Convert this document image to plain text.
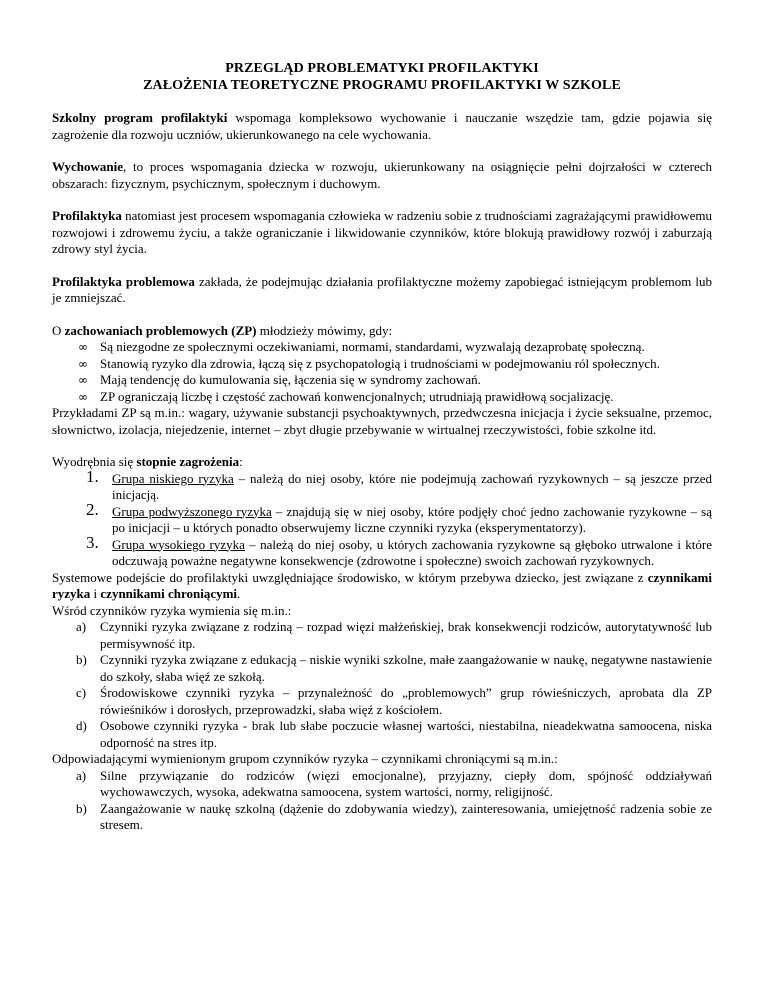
PRZEGLĄD PROBLEMATYKI PROFILAKTYKI
ZAŁOŻENIA TEORETYCZNE PROGRAMU PROFILAKTYKI W SZKOLE

Szkolny program profilaktyki wspomaga kompleksowo wychowanie i nauczanie wszędzie tam, gdzie pojawia się zagrożenie dla rozwoju uczniów, ukierunkowanego na cele wychowania.

Wychowanie, to proces wspomagania dziecka w rozwoju, ukierunkowany na osiągnięcie pełni dojrzałości w czterech obszarach: fizycznym, psychicznym, społecznym i duchowym.

Profilaktyka natomiast jest procesem wspomagania człowieka w radzeniu sobie z trudnościami zagrażającymi prawidłowemu rozwojowi i zdrowemu życiu, a także ograniczanie i likwidowanie czynników, które blokują prawidłowy rozwój i zaburzają zdrowy styl życia.

Profilaktyka problemowa zakłada, że podejmując działania profilaktyczne możemy zapobiegać istniejącym problemom lub je zmniejszać.

O zachowaniach problemowych (ZP) młodzieży mówimy, gdy:
∞ Są niezgodne ze społecznymi oczekiwaniami, normami, standardami, wyzwalają dezaprobatę społeczną.
∞ Stanowią ryzyko dla zdrowia, łączą się z psychopatologią i trudnościami w podejmowaniu ról społecznych.
∞ Mają tendencję do kumulowania się, łączenia się w syndromy zachowań.
∞ ZP ograniczają liczbę i częstość zachowań konwencjonalnych; utrudniają prawidłową socjalizację.
Przykładami ZP są m.in.: wagary, używanie substancji psychoaktywnych, przedwczesna inicjacja i życie seksualne, przemoc, słownictwo, izolacja, niejedzenie, internet – zbyt długie przebywanie w wirtualnej rzeczywistości, fobie szkolne itd.
Wyodrębnia się stopnie zagrożenia:
1. Grupa niskiego ryzyka – należą do niej osoby, które nie podejmują zachowań ryzykownych – są jeszcze przed inicjacją.
2. Grupa podwyższonego ryzyka – znajdują się w niej osoby, które podjęły choć jedno zachowanie ryzykowne – są po inicjacji – u których ponadto obserwujemy liczne czynniki ryzyka (eksperymentatorzy).
3. Grupa wysokiego ryzyka – należą do niej osoby, u których zachowania ryzykowne są głęboko utrwalone i które odczuwają poważne negatywne konsekwencje (zdrowotne i społeczne) swoich zachowań ryzykownych.
Systemowe podejście do profilaktyki uwzględniające środowisko, w którym przebywa dziecko, jest związane z czynnikami ryzyka i czynnikami chroniącymi.
Wśród czynników ryzyka wymienia się m.in.:
a) Czynniki ryzyka związane z rodziną – rozpad więzi małżeńskiej, brak konsekwencji rodziców, autorytatywność lub permisywność itp.
b) Czynniki ryzyka związane z edukacją – niskie wyniki szkolne, małe zaangażowanie w naukę, negatywne nastawienie do szkoły, słaba więź ze szkołą.
c) Środowiskowe czynniki ryzyka – przynależność do „problemowych” grup rówieśniczych, aprobata dla ZP rówieśników i dorosłych, przeprowadzki, słaba więź z kościołem.
d) Osobowe czynniki ryzyka - brak lub słabe poczucie własnej wartości, niestabilna, nieadekwatna samoocena, niska odporność na stres itp.
Odpowiadającymi wymienionym grupom czynników ryzyka – czynnikami chroniącymi są m.in.:
a) Silne przywiązanie do rodziców (więzi emocjonalne), przyjazny, ciepły dom, spójność oddziaływań wychowawczych, wysoka, adekwatna samoocena, system wartości, normy, religijność.
b) Zaangażowanie w naukę szkolną (dążenie do zdobywania wiedzy), zainteresowania, umiejętność radzenia sobie ze stresem.
